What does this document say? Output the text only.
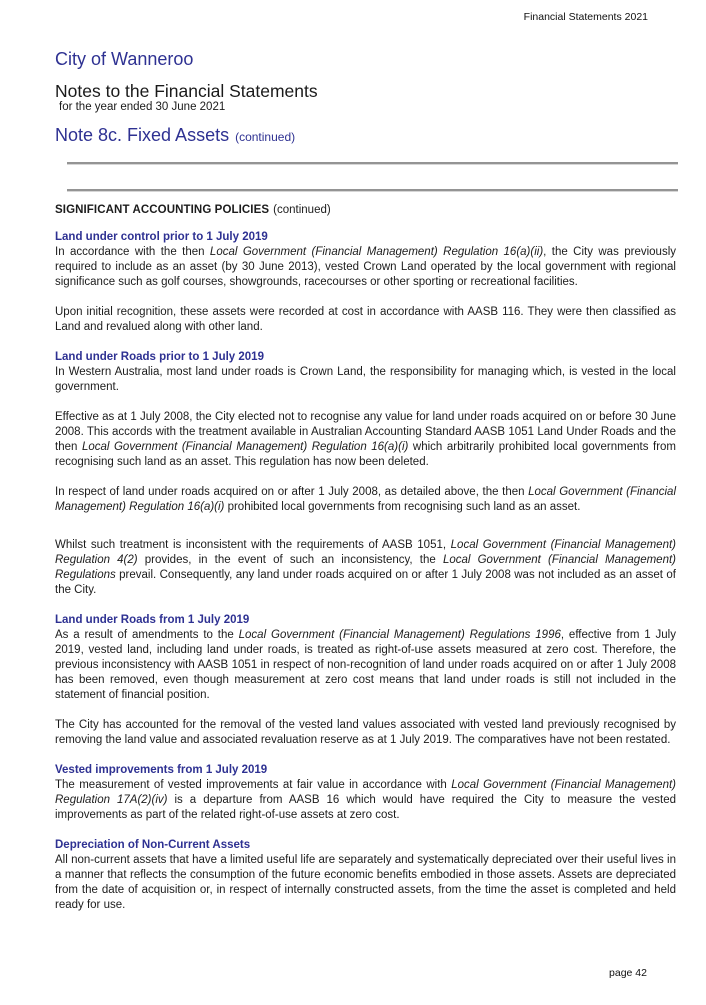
Financial Statements 2021
City of Wanneroo
Notes to the Financial Statements
for the year ended 30 June 2021
Note 8c. Fixed Assets (continued)
SIGNIFICANT ACCOUNTING POLICIES (continued)
Land under control prior to 1 July 2019

In accordance with the then Local Government (Financial Management) Regulation 16(a)(ii), the City was previously required to include as an asset (by 30 June 2013), vested Crown Land operated by the local government with regional significance such as golf courses, showgrounds, racecourses or other sporting or recreational facilities.

Upon initial recognition, these assets were recorded at cost in accordance with AASB 116. They were then classified as Land and revalued along with other land.

Land under Roads prior to 1 July 2019

In Western Australia, most land under roads is Crown Land, the responsibility for managing which, is vested in the local government.

Effective as at 1 July 2008, the City elected not to recognise any value for land under roads acquired on or before 30 June 2008. This accords with the treatment available in Australian Accounting Standard AASB 1051 Land Under Roads and the then Local Government (Financial Management) Regulation 16(a)(i) which arbitrarily prohibited local governments from recognising such land as an asset. This regulation has now been deleted.

In respect of land under roads acquired on or after 1 July 2008, as detailed above, the then Local Government (Financial Management) Regulation 16(a)(i) prohibited local governments from recognising such land as an asset.

Whilst such treatment is inconsistent with the requirements of AASB 1051, Local Government (Financial Management) Regulation 4(2) provides, in the event of such an inconsistency, the Local Government (Financial Management) Regulations prevail. Consequently, any land under roads acquired on or after 1 July 2008 was not included as an asset of the City.

Land under Roads from 1 July 2019

As a result of amendments to the Local Government (Financial Management) Regulations 1996, effective from 1 July 2019, vested land, including land under roads, is treated as right-of-use assets measured at zero cost. Therefore, the previous inconsistency with AASB 1051 in respect of non-recognition of land under roads acquired on or after 1 July 2008 has been removed, even though measurement at zero cost means that land under roads is still not included in the statement of financial position.

The City has accounted for the removal of the vested land values associated with vested land previously recognised by removing the land value and associated revaluation reserve as at 1 July 2019. The comparatives have not been restated.

Vested improvements from 1 July 2019

The measurement of vested improvements at fair value in accordance with Local Government (Financial Management) Regulation 17A(2)(iv) is a departure from AASB 16 which would have required the City to measure the vested improvements as part of the related right-of-use assets at zero cost.

Depreciation of Non-Current Assets

All non-current assets that have a limited useful life are separately and systematically depreciated over their useful lives in a manner that reflects the consumption of the future economic benefits embodied in those assets. Assets are depreciated from the date of acquisition or, in respect of internally constructed assets, from the time the asset is completed and held ready for use.

page 42
